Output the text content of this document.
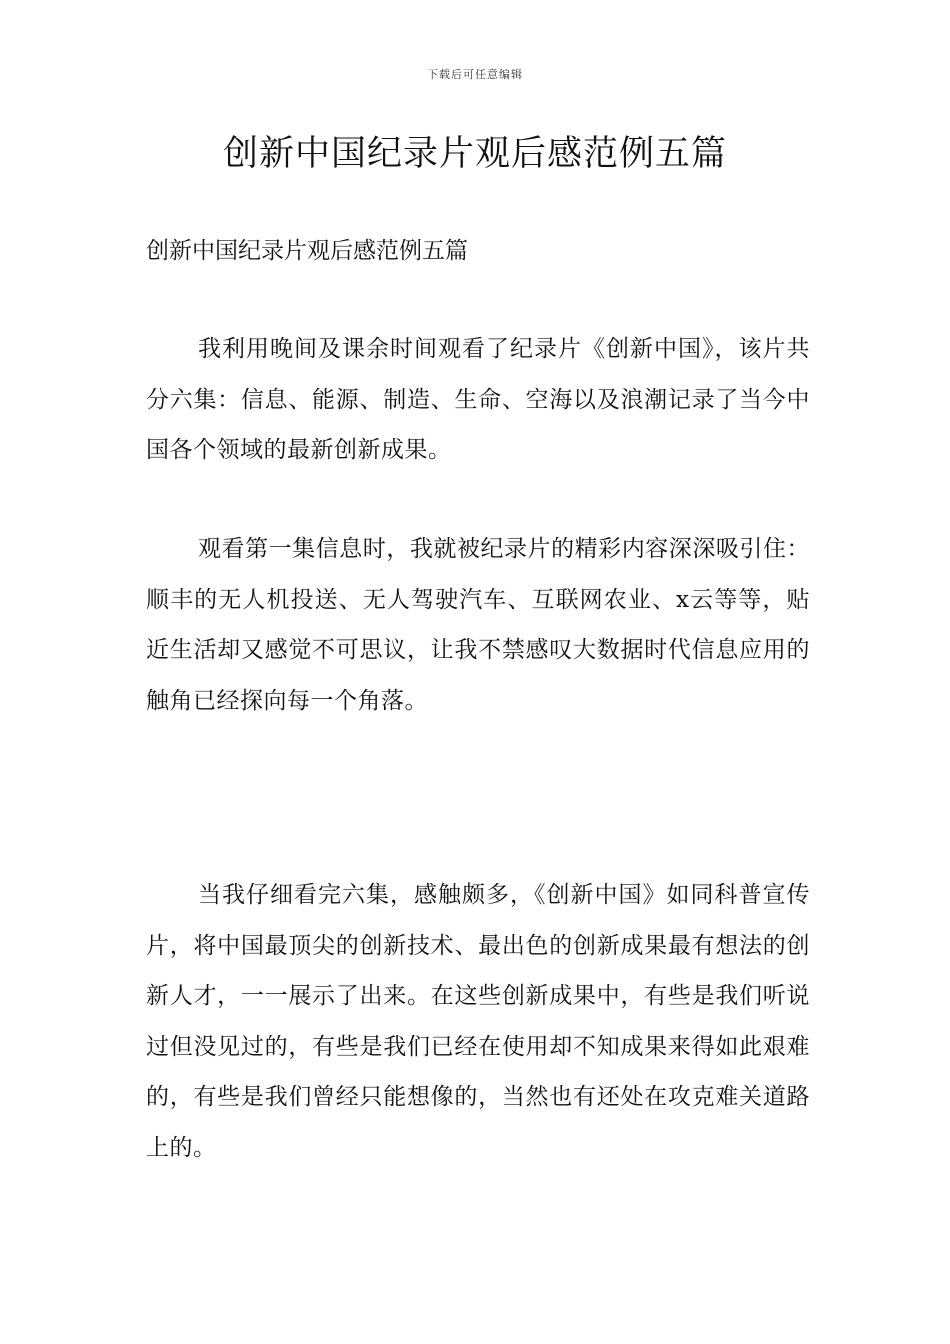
下载后可任意编辑
创新中国纪录片观后感范例五篇

创新中国纪录片观后感范例五篇

我利用晚间及课余时间观看了纪录片《创新中国》，该片共分六集：信息、能源、制造、生命、空海以及浪潮记录了当今中国各个领域的最新创新成果。

观看第一集信息时，我就被纪录片的精彩内容深深吸引住：顺丰的无人机投送、无人驾驶汽车、互联网农业、x云等等，贴近生活却又感觉不可思议，让我不禁感叹大数据时代信息应用的触角已经探向每一个角落。

当我仔细看完六集，感触颇多，《创新中国》如同科普宣传片，将中国最顶尖的创新技术、最出色的创新成果最有想法的创新人才，一一展示了出来。在这些创新成果中，有些是我们听说过但没见过的，有些是我们已经在使用却不知成果来得如此艰难的，有些是我们曾经只能想像的，当然也有还处在攻克难关道路上的。
